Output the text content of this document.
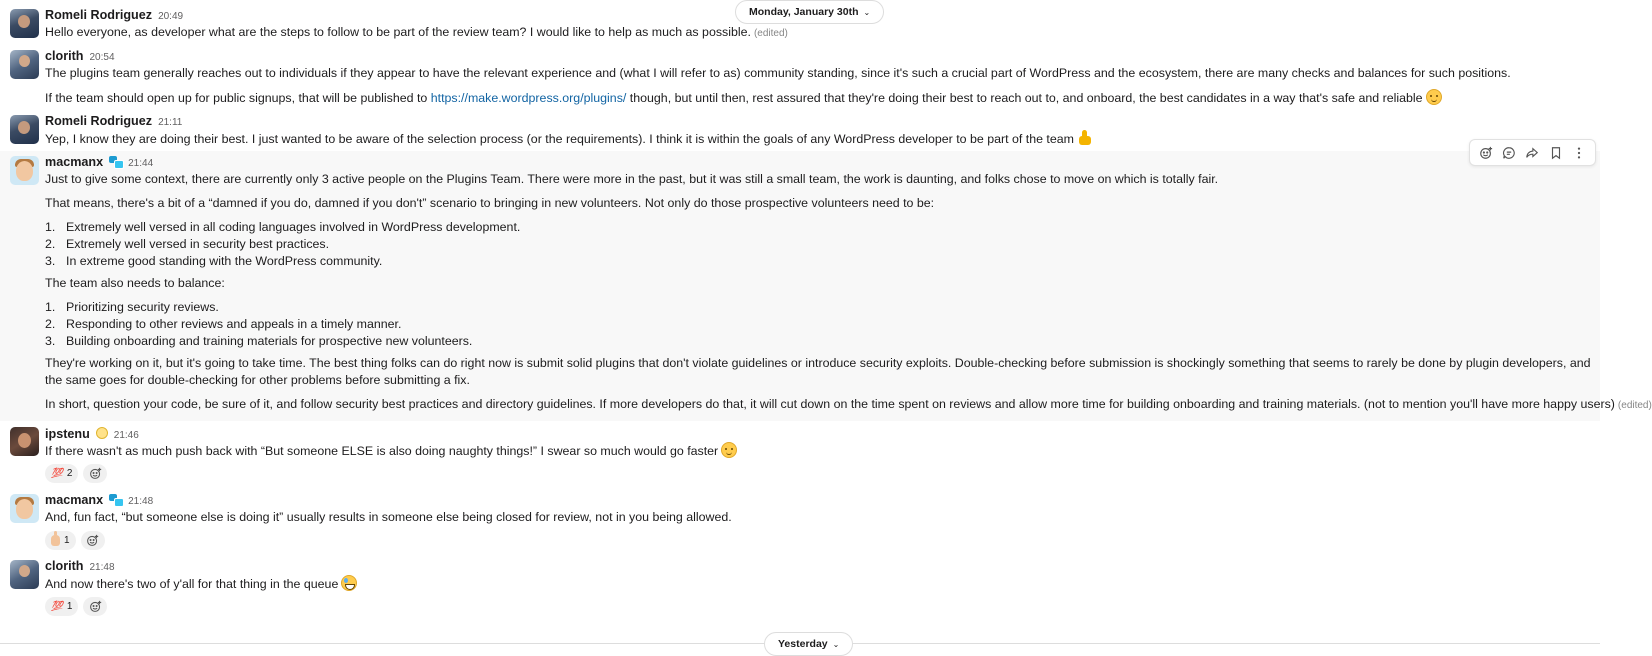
Romeli Rodriguez 20:49
Hello everyone, as developer what are the steps to follow to be part of the review team? I would like to help as much as possible. (edited)
Monday, January 30th ⌄
clorith 20:54
The plugins team generally reaches out to individuals if they appear to have the relevant experience and (what I will refer to as) community standing, since it's such a crucial part of WordPress and the ecosystem, there are many checks and balances for such positions.
If the team should open up for public signups, that will be published to https://make.wordpress.org/plugins/ though, but until then, rest assured that they're doing their best to reach out to, and onboard, the best candidates in a way that's safe and reliable
Romeli Rodriguez 21:11
Yep, I know they are doing their best. I just wanted to be aware of the selection process (or the requirements). I think it is within the goals of any WordPress developer to be part of the team
macmanx	21:44
Just to give some context, there are currently only 3 active people on the Plugins Team. There were more in the past, but it was still a small team, the work is daunting, and folks chose to move on which is totally fair.
That means, there's a bit of a “damned if you do, damned if you don't” scenario to bringing in new volunteers. Not only do those prospective volunteers need to be:
1. Extremely well versed in all coding languages involved in WordPress development.
2. Extremely well versed in security best practices.
3. In extreme good standing with the WordPress community.
The team also needs to balance:
1. Prioritizing security reviews.
2. Responding to other reviews and appeals in a timely manner.
3. Building onboarding and training materials for prospective new volunteers.
They're working on it, but it's going to take time. The best thing folks can do right now is submit solid plugins that don't violate guidelines or introduce security exploits. Double-checking before submission is shockingly something that seems to rarely be done by plugin developers, and the same goes for double-checking for other problems before submitting a fix.
In short, question your code, be sure of it, and follow security best practices and directory guidelines. If more developers do that, it will cut down on the time spent on reviews and allow more time for building onboarding and training materials. (not to mention you'll have more happy users) (edited)
ipstenu 21:46
If there wasn't as much push back with “But someone ELSE is also doing naughty things!” I swear so much would go faster
💯 2
macmanx	21:48
And, fun fact, “but someone else is doing it” usually results in someone else being closed for review, not in you being allowed.
1
clorith 21:48
And now there's two of y'all for that thing in the queue
💯 1
Yesterday ⌄
